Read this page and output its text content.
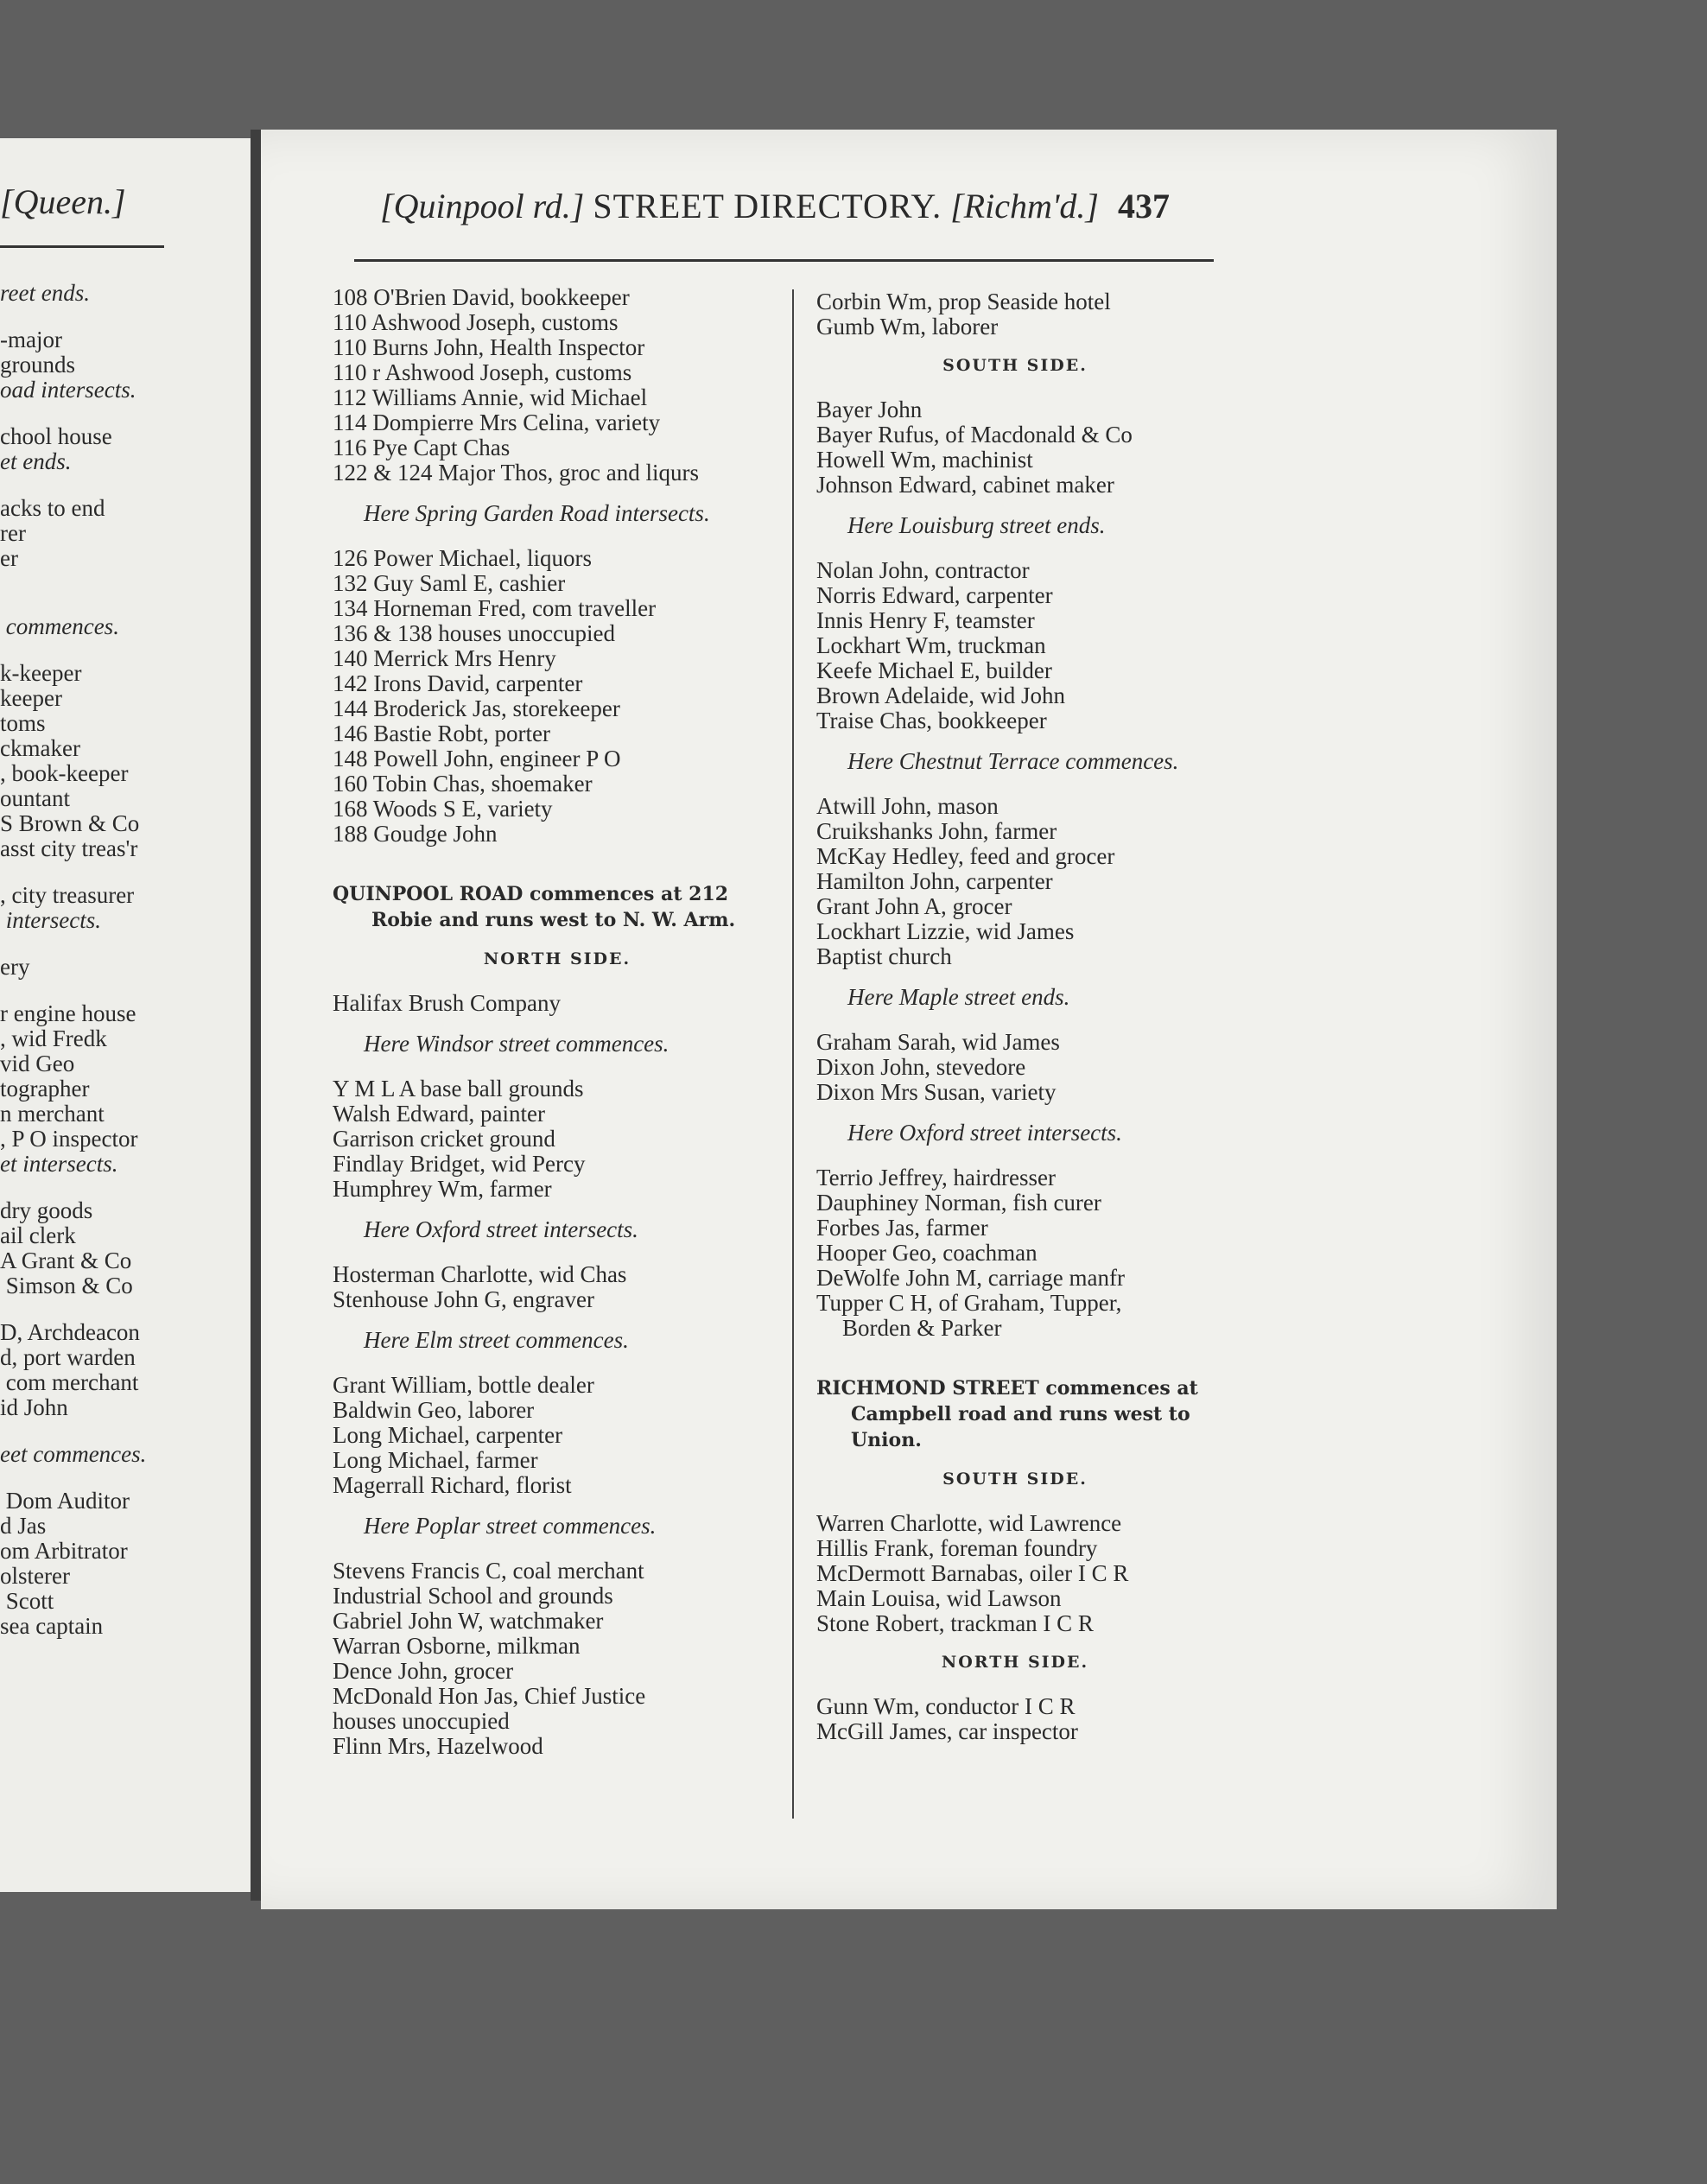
[Queen.]
reet ends.
-major
grounds
oad intersects.
chool house
et ends.
acks to end
rer
er
commences.
k-keeper
keeper
toms
ckmaker
, book-keeper
ountant
S Brown & Co
asst city treas'r
, city treasurer
intersects.
ery
r engine house
, wid Fredk
vid Geo
tographer
n merchant
, P O inspector
et intersects.
dry goods
ail clerk
A Grant & Co
Simson & Co
D, Archdeacon
d, port warden
com merchant
id John
eet commences.
Dom Auditor
d Jas
om Arbitrator
olsterer
Scott
sea captain
[Quinpool rd.] STREET DIRECTORY. [Richm'd.] 437
108 O'Brien David, bookkeeper
110 Ashwood Joseph, customs
110 Burns John, Health Inspector
110 r Ashwood Joseph, customs
112 Williams Annie, wid Michael
114 Dompierre Mrs Celina, variety
116 Pye Capt Chas
122 & 124 Major Thos, groc and liqurs
Here Spring Garden Road intersects.
126 Power Michael, liquors
132 Guy Saml E, cashier
134 Horneman Fred, com traveller
136 & 138 houses unoccupied
140 Merrick Mrs Henry
142 Irons David, carpenter
144 Broderick Jas, storekeeper
146 Bastie Robt, porter
148 Powell John, engineer P O
160 Tobin Chas, shoemaker
168 Woods S E, variety
188 Goudge John
QUINPOOL ROAD commences at 212
Robie and runs west to N. W. Arm.
NORTH SIDE.
Halifax Brush Company
Here Windsor street commences.
Y M L A base ball grounds
Walsh Edward, painter
Garrison cricket ground
Findlay Bridget, wid Percy
Humphrey Wm, farmer
Here Oxford street intersects.
Hosterman Charlotte, wid Chas
Stenhouse John G, engraver
Here Elm street commences.
Grant William, bottle dealer
Baldwin Geo, laborer
Long Michael, carpenter
Long Michael, farmer
Magerrall Richard, florist
Here Poplar street commences.
Stevens Francis C, coal merchant
Industrial School and grounds
Gabriel John W, watchmaker
Warran Osborne, milkman
Dence John, grocer
McDonald Hon Jas, Chief Justice
houses unoccupied
Flinn Mrs, Hazelwood
Corbin Wm, prop Seaside hotel
Gumb Wm, laborer
SOUTH SIDE.
Bayer John
Bayer Rufus, of Macdonald & Co
Howell Wm, machinist
Johnson Edward, cabinet maker
Here Louisburg street ends.
Nolan John, contractor
Norris Edward, carpenter
Innis Henry F, teamster
Lockhart Wm, truckman
Keefe Michael E, builder
Brown Adelaide, wid John
Traise Chas, bookkeeper
Here Chestnut Terrace commences.
Atwill John, mason
Cruikshanks John, farmer
McKay Hedley, feed and grocer
Hamilton John, carpenter
Grant John A, grocer
Lockhart Lizzie, wid James
Baptist church
Here Maple street ends.
Graham Sarah, wid James
Dixon John, stevedore
Dixon Mrs Susan, variety
Here Oxford street intersects.
Terrio Jeffrey, hairdresser
Dauphiney Norman, fish curer
Forbes Jas, farmer
Hooper Geo, coachman
DeWolfe John M, carriage manfr
Tupper C H, of Graham, Tupper,
Borden & Parker
RICHMOND STREET commences at
Campbell road and runs west to
Union.
SOUTH SIDE.
Warren Charlotte, wid Lawrence
Hillis Frank, foreman foundry
McDermott Barnabas, oiler I C R
Main Louisa, wid Lawson
Stone Robert, trackman I C R
NORTH SIDE.
Gunn Wm, conductor I C R
McGill James, car inspector
